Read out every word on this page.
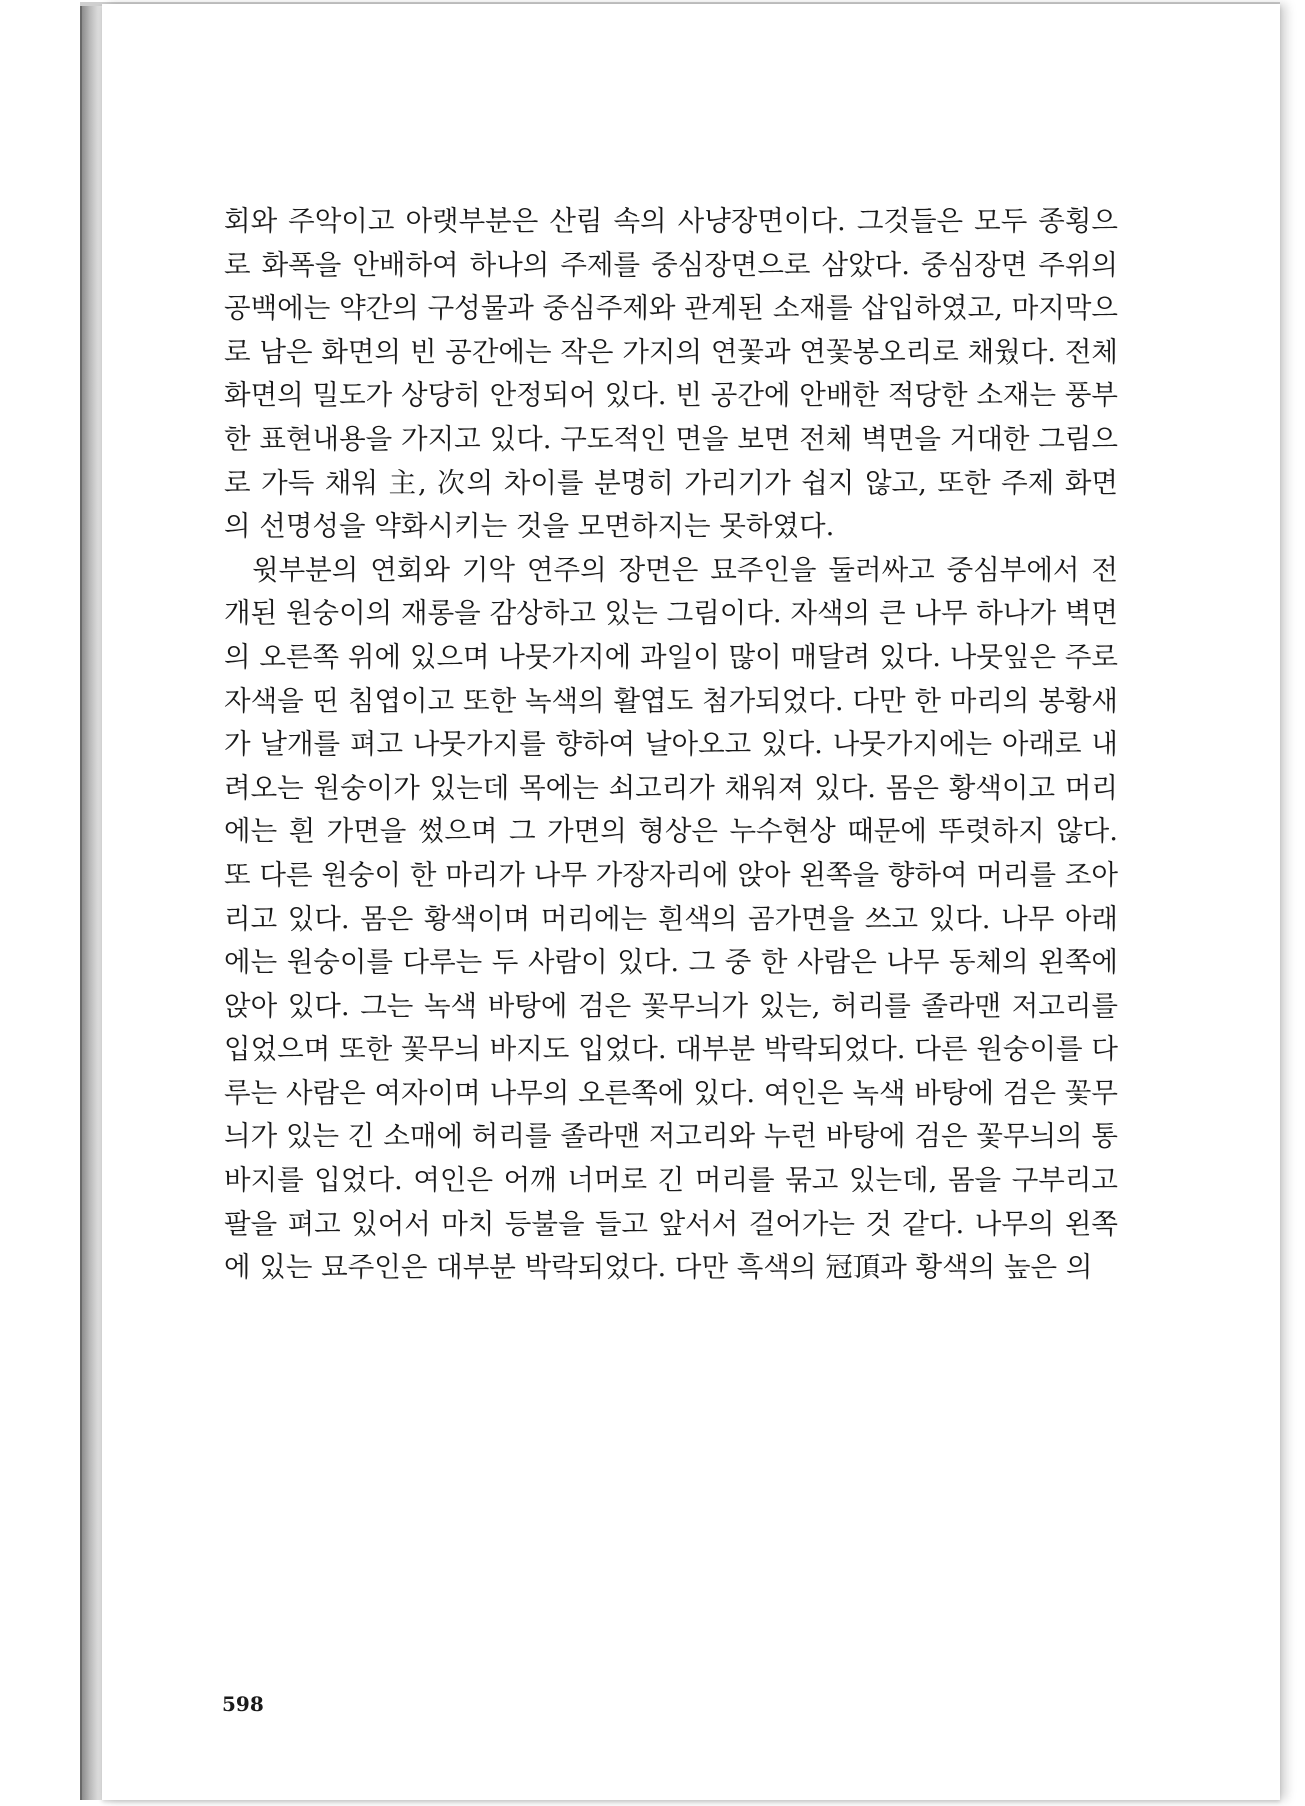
회와 주악이고 아랫부분은 산림 속의 사냥장면이다. 그것들은 모두 종횡으로 화폭을 안배하여 하나의 주제를 중심장면으로 삼았다. 중심장면 주위의 공백에는 약간의 구성물과 중심주제와 관계된 소재를 삽입하였고, 마지막으로 남은 화면의 빈 공간에는 작은 가지의 연꽃과 연꽃봉오리로 채웠다. 전체 화면의 밀도가 상당히 안정되어 있다. 빈 공간에 안배한 적당한 소재는 풍부한 표현내용을 가지고 있다. 구도적인 면을 보면 전체 벽면을 거대한 그림으로 가득 채워 主, 次의 차이를 분명히 가리기가 쉽지 않고, 또한 주제 화면의 선명성을 약화시키는 것을 모면하지는 못하였다.

윗부분의 연회와 기악 연주의 장면은 묘주인을 둘러싸고 중심부에서 전개된 원숭이의 재롱을 감상하고 있는 그림이다. 자색의 큰 나무 하나가 벽면의 오른쪽 위에 있으며 나뭇가지에 과일이 많이 매달려 있다. 나뭇잎은 주로 자색을 띤 침엽이고 또한 녹색의 활엽도 첨가되었다. 다만 한 마리의 봉황새가 날개를 펴고 나뭇가지를 향하여 날아오고 있다. 나뭇가지에는 아래로 내려오는 원숭이가 있는데 목에는 쇠고리가 채워져 있다. 몸은 황색이고 머리에는 흰 가면을 썼으며 그 가면의 형상은 누수현상 때문에 뚜렷하지 않다. 또 다른 원숭이 한 마리가 나무 가장자리에 앉아 왼쪽을 향하여 머리를 조아리고 있다. 몸은 황색이며 머리에는 흰색의 곰가면을 쓰고 있다. 나무 아래에는 원숭이를 다루는 두 사람이 있다. 그 중 한 사람은 나무 동체의 왼쪽에 앉아 있다. 그는 녹색 바탕에 검은 꽃무늬가 있는, 허리를 졸라맨 저고리를 입었으며 또한 꽃무늬 바지도 입었다. 대부분 박락되었다. 다른 원숭이를 다루는 사람은 여자이며 나무의 오른쪽에 있다. 여인은 녹색 바탕에 검은 꽃무늬가 있는 긴 소매에 허리를 졸라맨 저고리와 누런 바탕에 검은 꽃무늬의 통바지를 입었다. 여인은 어깨 너머로 긴 머리를 묶고 있는데, 몸을 구부리고 팔을 펴고 있어서 마치 등불을 들고 앞서서 걸어가는 것 같다. 나무의 왼쪽에 있는 묘주인은 대부분 박락되었다. 다만 흑색의 冠頂과 황색의 높은 의

598
